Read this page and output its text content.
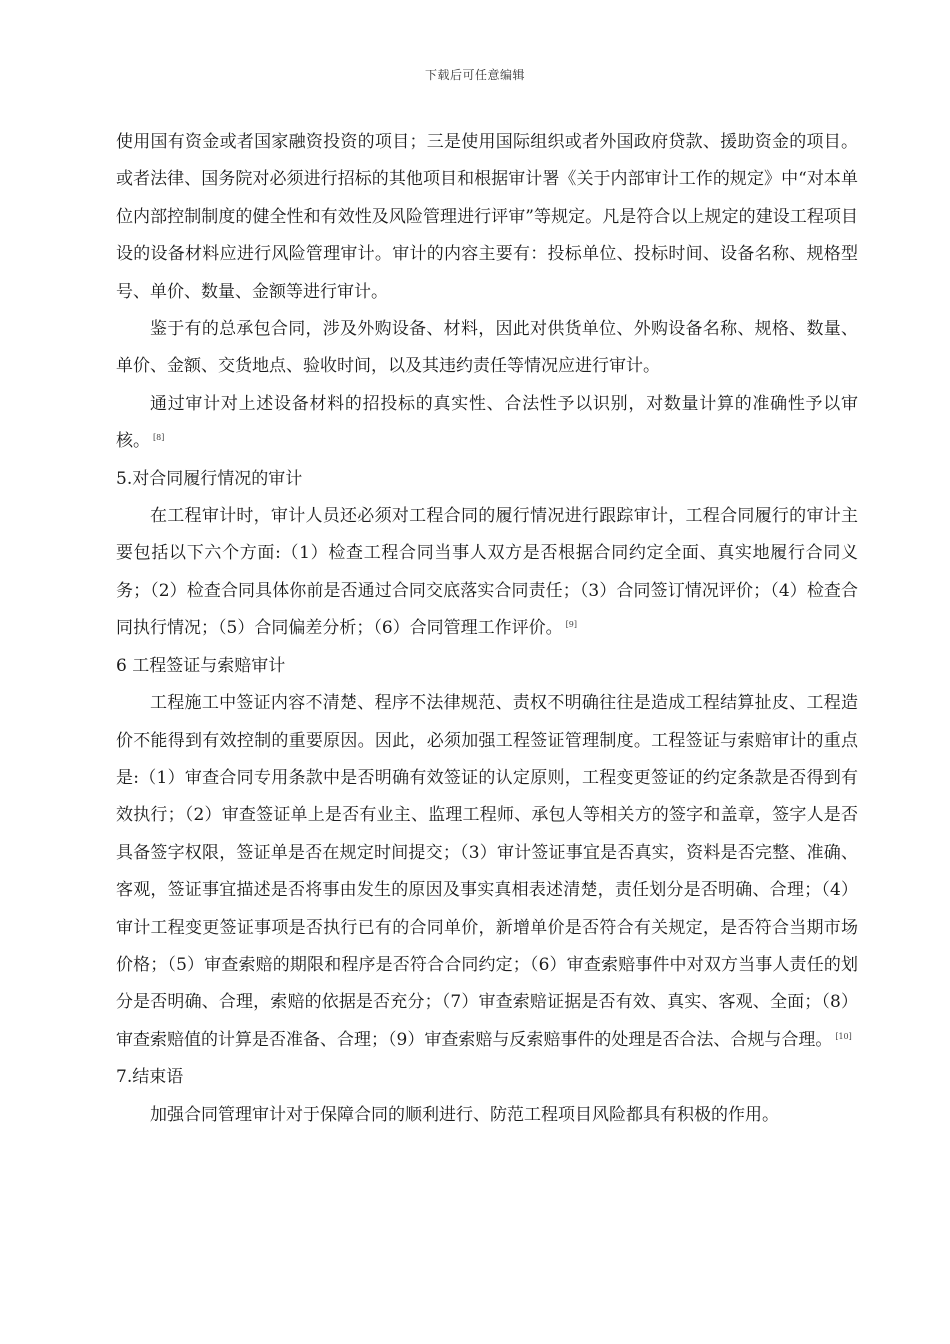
下载后可任意编辑

使用国有资金或者国家融资投资的项目；三是使用国际组织或者外国政府贷款、援助资金的项目。或者法律、国务院对必须进行招标的其他项目和根据审计署《关于内部审计工作的规定》中“对本单位内部控制制度的健全性和有效性及风险管理进行评审”等规定。凡是符合以上规定的建设工程项目设的设备材料应进行风险管理审计。审计的内容主要有：投标单位、投标时间、设备名称、规格型号、单价、数量、金额等进行审计。

鉴于有的总承包合同，涉及外购设备、材料，因此对供货单位、外购设备名称、规格、数量、单价、金额、交货地点、验收时间，以及其违约责任等情况应进行审计。

通过审计对上述设备材料的招投标的真实性、合法性予以识别，对数量计算的准确性予以审核。 [8]

5.对合同履行情况的审计

在工程审计时，审计人员还必须对工程合同的履行情况进行跟踪审计，工程合同履行的审计主要包括以下六个方面:（1）检查工程合同当事人双方是否根据合同约定全面、真实地履行合同义务；（2）检查合同具体你前是否通过合同交底落实合同责任；（3）合同签订情况评价；（4）检查合同执行情况；（5）合同偏差分析；（6）合同管理工作评价。 [9]

6 工程签证与索赔审计

工程施工中签证内容不清楚、程序不法律规范、责权不明确往往是造成工程结算扯皮、工程造价不能得到有效控制的重要原因。因此，必须加强工程签证管理制度。工程签证与索赔审计的重点是:（1）审查合同专用条款中是否明确有效签证的认定原则，工程变更签证的约定条款是否得到有效执行；（2）审查签证单上是否有业主、监理工程师、承包人等相关方的签字和盖章，签字人是否具备签字权限，签证单是否在规定时间提交；（3）审计签证事宜是否真实，资料是否完整、准确、客观，签证事宜描述是否将事由发生的原因及事实真相表述清楚，责任划分是否明确、合理；（4）审计工程变更签证事项是否执行已有的合同单价，新增单价是否符合有关规定，是否符合当期市场价格；（5）审查索赔的期限和程序是否符合合同约定；（6）审查索赔事件中对双方当事人责任的划分是否明确、合理，索赔的依据是否充分；（7）审查索赔证据是否有效、真实、客观、全面；（8）审查索赔值的计算是否准备、合理；（9）审查索赔与反索赔事件的处理是否合法、合规与合理。 [10]

7.结束语

加强合同管理审计对于保障合同的顺利进行、防范工程项目风险都具有积极的作用。
